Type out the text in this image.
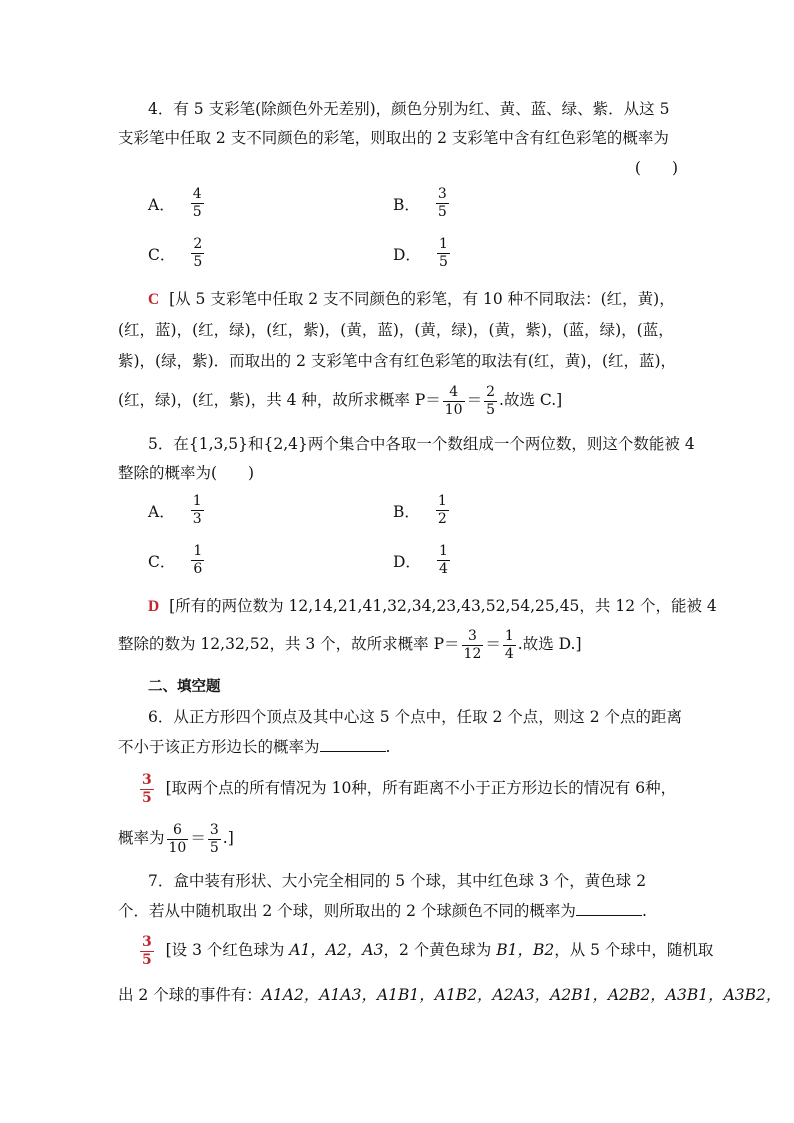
4．有 5 支彩笔(除颜色外无差别)，颜色分别为红、黄、蓝、绿、紫．从这 5
支彩笔中任取 2 支不同颜色的彩笔，则取出的 2 支彩笔中含有红色彩笔的概率为
(　　)
A． $\frac{4}{5}$	B． $\frac{3}{5}$
C． $\frac{2}{5}$	D． $\frac{1}{5}$
C [从 5 支彩笔中任取 2 支不同颜色的彩笔，有 10 种不同取法：(红，黄)，
(红，蓝)，(红，绿)，(红，紫)，(黄，蓝)，(黄，绿)，(黄，紫)，(蓝，绿)，(蓝，
紫)，(绿，紫)．而取出的 2 支彩笔中含有红色彩笔的取法有(红，黄)，(红，蓝)，
(红，绿)，(红，紫)，共 4 种，故所求概率 $P= \frac{4}{10} = \frac{2}{5}$ .故选 C.]
5．在{1,3,5}和{2,4}两个集合中各取一个数组成一个两位数，则这个数能被 4
整除的概率为(　　)
A． $\frac{1}{3}$	B． $\frac{1}{2}$
C． $\frac{1}{6}$	D． $\frac{1}{4}$
D [所有的两位数为 12,14,21,41,32,34,23,43,52,54,25,45，共 12 个，能被 4
整除的数为 12,32,52，共 3 个，故所求概率 $P= \frac{3}{12} = \frac{1}{4}$ .故选 D.]
二、填空题
6．从正方形四个顶点及其中心这 5 个点中，任取 2 个点，则这 2 个点的距离
不小于该正方形边长的概率为	.
$\frac{3}{5}$ [取两个点的所有情况为 10种，所有距离不小于正方形边长的情况有 6种，
概率为 $\frac{6}{10} = \frac{3}{5}$ .]
7．盒中装有形状、大小完全相同的 5 个球，其中红色球 3 个，黄色球 2
个．若从中随机取出 2 个球，则所取出的 2 个球颜色不同的概率为	.
$\frac{3}{5}$ [设 3 个红色球为 A1，A2，A3，2 个黄色球为 B1，B2，从 5 个球中，随机取
出 2 个球的事件有：A1A2，A1A3，A1B1，A1B2，A2A3，A2B1，A2B2，A3B1，A3B2，
